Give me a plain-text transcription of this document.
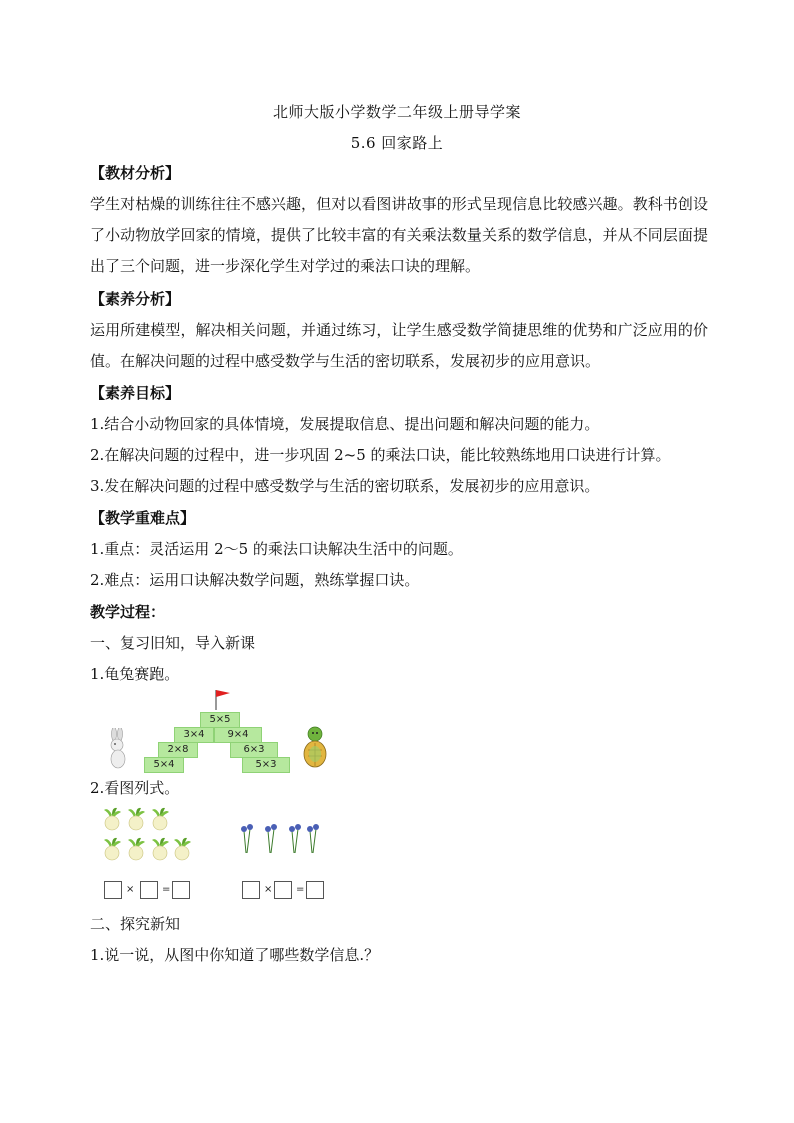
北师大版小学数学二年级上册导学案
5.6 回家路上
【教材分析】
学生对枯燥的训练往往不感兴趣，但对以看图讲故事的形式呈现信息比较感兴趣。教科书创设了小动物放学回家的情境，提供了比较丰富的有关乘法数量关系的数学信息，并从不同层面提出了三个问题，进一步深化学生对学过的乘法口诀的理解。
【素养分析】
运用所建模型，解决相关问题，并通过练习，让学生感受数学简捷思维的优势和广泛应用的价值。在解决问题的过程中感受数学与生活的密切联系，发展初步的应用意识。
【素养目标】
1.结合小动物回家的具体情境，发展提取信息、提出问题和解决问题的能力。
2.在解决问题的过程中，进一步巩固 2~5 的乘法口诀，能比较熟练地用口诀进行计算。
3.发在解决问题的过程中感受数学与生活的密切联系，发展初步的应用意识。
【教学重难点】
1.重点：灵活运用 2～5 的乘法口诀解决生活中的问题。
2.难点：运用口诀解决数学问题，熟练掌握口诀。
教学过程：
一、复习旧知，导入新课
1.龟兔赛跑。
5×5
3×4	9×4
2×8	6×3
5×4	5×3
2.看图列式。
×	=	× =
二、探究新知
1.说一说，从图中你知道了哪些数学信息.？
